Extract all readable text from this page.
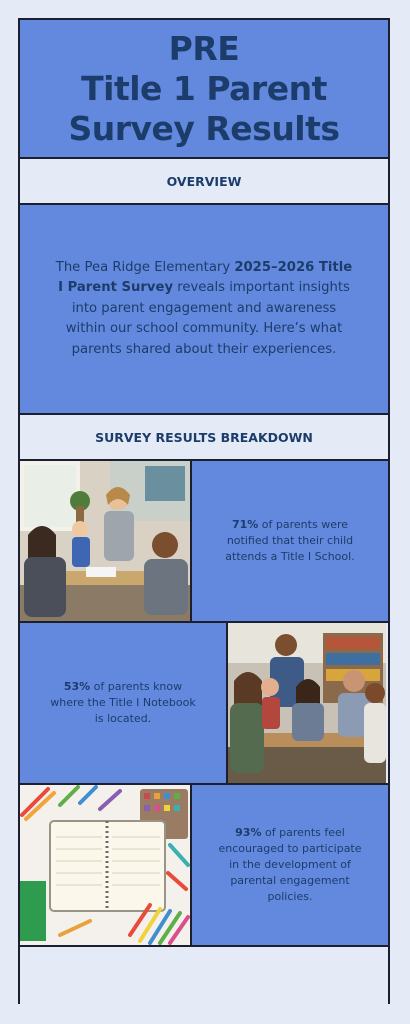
PRE
Title 1 Parent
Survey Results
OVERVIEW

The Pea Ridge Elementary 2025–2026 Title I Parent Survey reveals important insights into parent engagement and awareness within our school community. Here’s what parents shared about their experiences.

SURVEY RESULTS BREAKDOWN
71% of parents were notified that their child attends a Title I School.
53% of parents know where the Title I Notebook is located.
93% of parents feel encouraged to participate in the development of parental engagement policies.
